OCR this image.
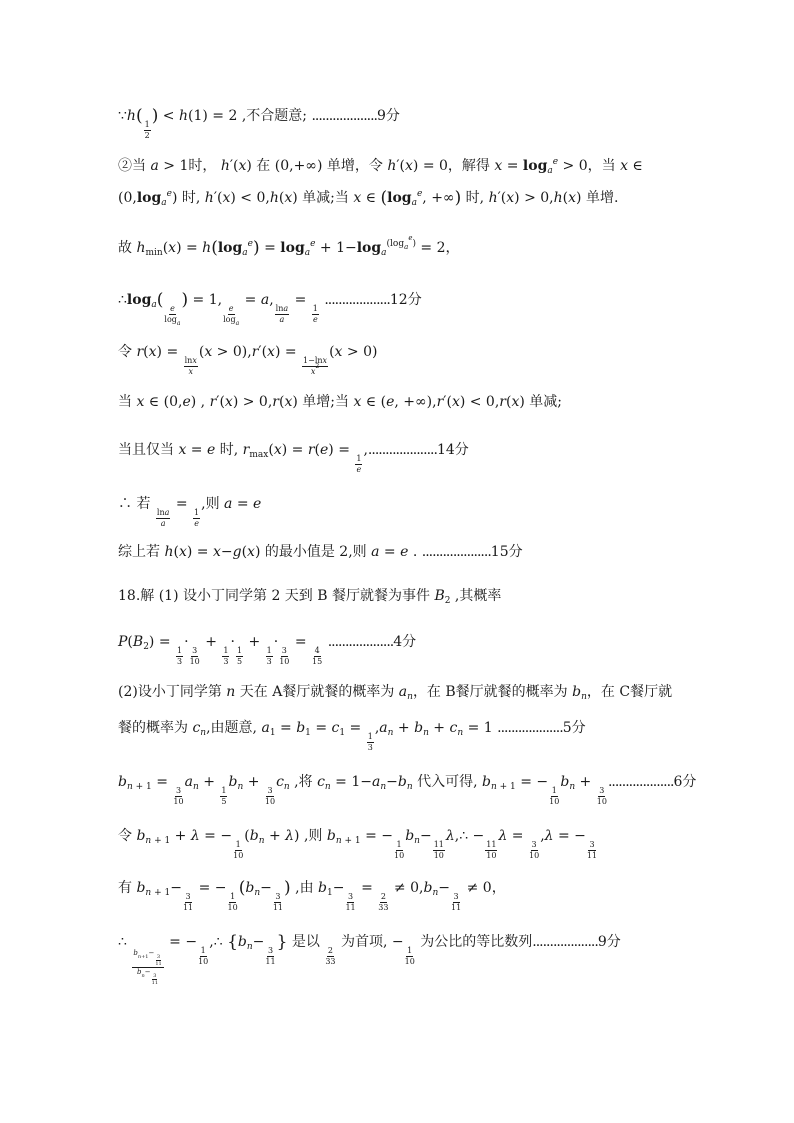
∵h(
$\frac{1}{2}$
) < h(1) = 2 ,不合题意; ...................9分
②当 a > 1时， h′(x) 在 (0,+∞) 单增，令 h′(x) = 0，解得 $x = \log_a^e > 0$，当 x ∈
$(0,\log_a^e)$ 时, h′(x) < 0,h(x) 单减;当 x ∈ ($\log_a^e$, +∞) 时, h′(x) > 0,h(x) 单增.
故 $h_{min}(x) = h(\log_a^e) = \log_a^e + 1-\log_a^{(log_a^e)} = 2$，
$\therefore\log_a$(
$\frac{e}{\log_a}$
) = 1,
$\frac{e}{\log_a}$
= a,
$\frac{\ln a}{a}$
=
$\frac{1}{e}$
...................12分
令 r(x) =
$\frac{\ln x}{x}$
(x > 0),r′(x) =
$\frac{1-\ln x}{x^2}$
(x > 0)
当 x ∈ (0,e) , r′(x) > 0,r(x) 单增;当 x ∈ (e, +∞),r′(x) < 0,r(x) 单减;
当且仅当 x = e 时, $r_{max}(x) = r(e)$ =
$\frac{1}{e}$
,....................14分
∴ 若
$\frac{\ln a}{a}$
=
$\frac{1}{e}$
,则 a = e
综上若 h(x) = x−g(x) 的最小值是 2,则 a = e . ....................15分
18.解 (1) 设小丁同学第 2 天到 B 餐厅就餐为事件 $B_2$ ,其概率
$P(B_2)$ =
$\frac{1}{3}$
·
$\frac{3}{10}$
+
$\frac{1}{3}$
·
$\frac{1}{5}$
+
$\frac{1}{3}$
·
$\frac{3}{10}$
=
$\frac{4}{15}$
...................4分
(2)设小丁同学第 n 天在 A餐厅就餐的概率为 $a_n$，在 B餐厅就餐的概率为 $b_n$，在 C餐厅就
餐的概率为 $c_n$,由题意, $a_1 = b_1 = c_1$ =
$\frac{1}{3}$
$,a_n + b_n + c_n = 1$ ...................5分
$b_{n + 1}$ =
$\frac{3}{10}$
$a_n$ +
$\frac{1}{5}$
$b_n$ +
$\frac{3}{10}$
$c_n$ ,将 $c_n = 1-a_n-b_n$ 代入可得, $b_{n + 1}$ = −
$\frac{1}{10}$
$b_n$ +
$\frac{3}{10}$
...................6分
令 $b_{n + 1} + \lambda$ = −
$\frac{1}{10}$
$(b_n + \lambda)$ ,则 $b_{n + 1}$ = −
$\frac{1}{10}$
$b_n-$
$\frac{11}{10}$
λ,∴ −
$\frac{11}{10}$
λ =
$\frac{3}{10}$
,λ = −
$\frac{3}{11}$
有 $b_{n + 1}-$
$\frac{3}{11}$
= −
$\frac{1}{10}$
($b_n-$
$\frac{3}{11}$
) ,由 $b_1-$
$\frac{3}{11}$
=
$\frac{2}{33}$
≠ $0,b_n-$
$\frac{3}{11}$
≠ 0，
∴
$b_{n+1}-$
$\frac{3}{11}$
$b_n-$
$\frac{3}{11}$
= −
$\frac{1}{10}$
,∴ {$b_n-$
$\frac{3}{11}$
} 是以
$\frac{2}{33}$
为首项, −
$\frac{1}{10}$
为公比的等比数列...................9分
